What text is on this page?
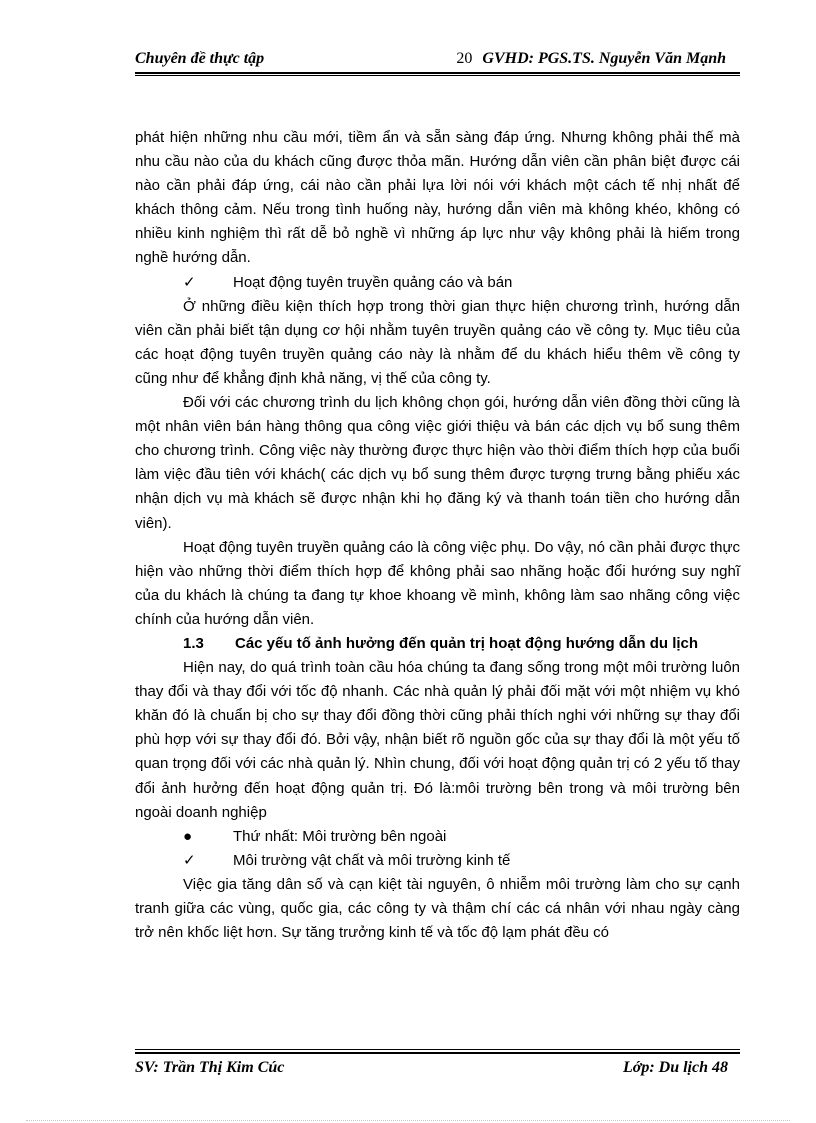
Chuyên đề thực tập	20 GVHD: PGS.TS. Nguyễn Văn Mạnh

phát hiện những nhu cầu mới, tiềm ẩn và sẵn sàng đáp ứng. Nhưng không phải thế mà nhu cầu nào của du khách cũng được thỏa mãn. Hướng dẫn viên cần phân biệt được cái nào cần phải đáp ứng, cái nào cần phải lựa lời nói với khách một cách tế nhị nhất để khách thông cảm. Nếu trong tình huống này, hướng dẫn viên mà không khéo, không có nhiều kinh nghiệm thì rất dễ bỏ nghề vì những áp lực như vậy không phải là hiếm trong nghề hướng dẫn.

✓ Hoạt động tuyên truyền quảng cáo và bán

Ở những điều kiện thích hợp trong thời gian thực hiện chương trình, hướng dẫn viên cần phải biết tận dụng cơ hội nhằm tuyên truyền quảng cáo về công ty. Mục tiêu của các hoạt động tuyên truyền quảng cáo này là nhằm để du khách hiểu thêm về công ty cũng như để khẳng định khả năng, vị thế của công ty.

Đối với các chương trình du lịch không chọn gói, hướng dẫn viên đồng thời cũng là một nhân viên bán hàng thông qua công việc giới thiệu và bán các dịch vụ bổ sung thêm cho chương trình. Công việc này thường được thực hiện vào thời điểm thích hợp của buổi làm việc đầu tiên với khách( các dịch vụ bổ sung thêm được tượng trưng bằng phiếu xác nhận dịch vụ mà khách sẽ được nhận khi họ đăng ký và thanh toán tiền cho hướng dẫn viên).

Hoạt động tuyên truyền quảng cáo là công việc phụ. Do vậy, nó cần phải được thực hiện vào những thời điểm thích hợp để không phải sao nhãng hoặc đổi hướng suy nghĩ của du khách là chúng ta đang tự khoe khoang về mình, không làm sao nhãng công việc chính của hướng dẫn viên.

1.3 Các yếu tố ảnh hưởng đến quản trị hoạt động hướng dẫn du lịch

Hiện nay, do quá trình toàn cầu hóa chúng ta đang sống trong một môi trường luôn thay đổi và thay đổi với tốc độ nhanh. Các nhà quản lý phải đối mặt với một nhiệm vụ khó khăn đó là chuẩn bị cho sự thay đổi đồng thời cũng phải thích nghi với những sự thay đổi phù hợp với sự thay đổi đó. Bởi vậy, nhận biết rõ nguồn gốc của sự thay đổi là một yếu tố quan trọng đối với các nhà quản lý. Nhìn chung, đối với hoạt động quản trị có 2 yếu tố thay đổi ảnh hưởng đến hoạt động quản trị. Đó là:môi trường bên trong và môi trường bên ngoài doanh nghiệp

●	Thứ nhất: Môi trường bên ngoài

✓ Môi trường vật chất và môi trường kinh tế

Việc gia tăng dân số và cạn kiệt tài nguyên, ô nhiễm môi trường làm cho sự cạnh tranh giữa các vùng, quốc gia, các công ty và thậm chí các cá nhân với nhau ngày càng trở nên khốc liệt hơn. Sự tăng trưởng kinh tế và tốc độ lạm phát đều có

SV: Trần Thị Kim Cúc	Lớp: Du lịch 48
